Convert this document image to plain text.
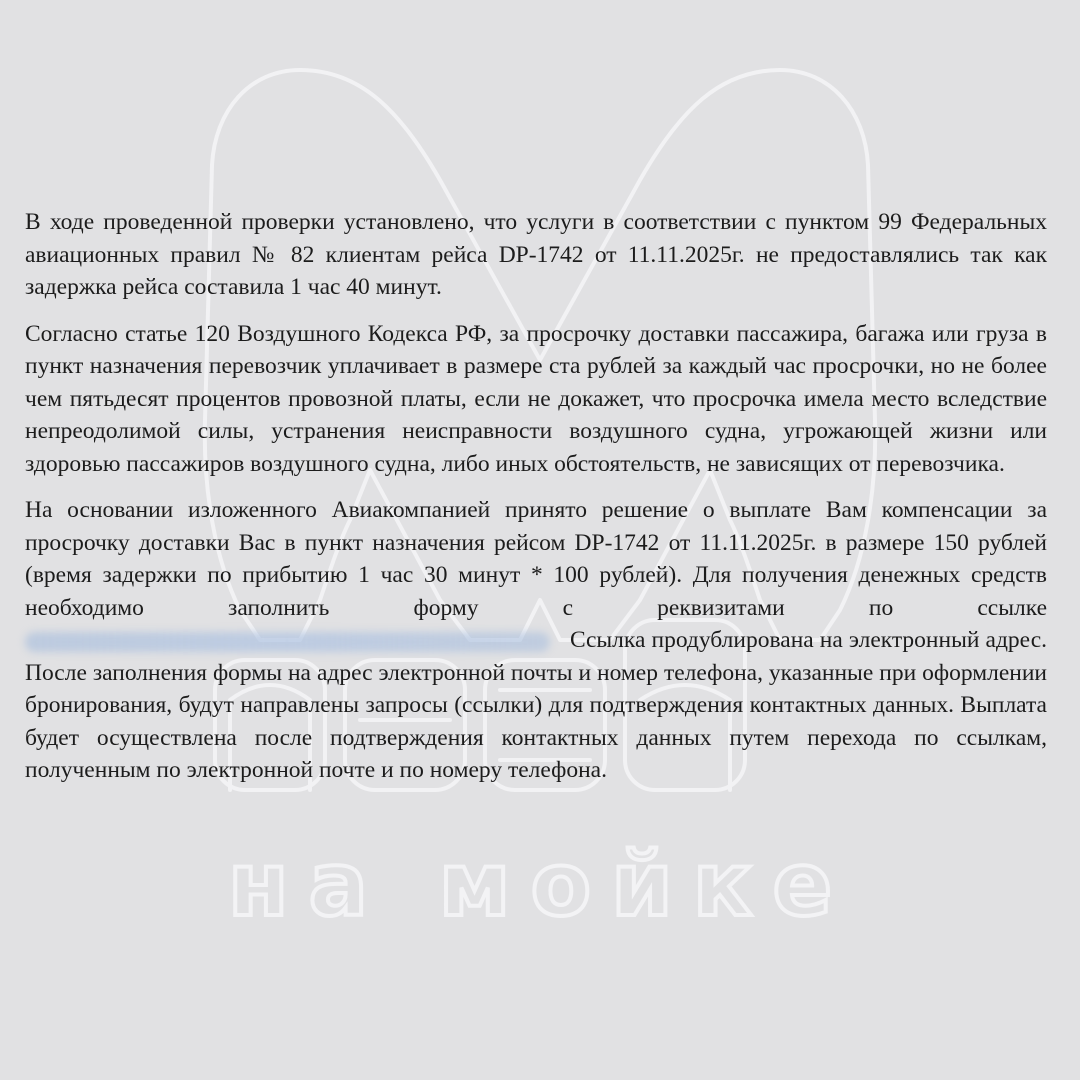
на мойке

В ходе проведенной проверки установлено, что услуги в соответствии с пунктом 99 Федеральных авиационных правил № 82 клиентам рейса DP-1742 от 11.11.2025г. не предоставлялись так как задержка рейса составила 1 час 40 минут.

Согласно статье 120 Воздушного Кодекса РФ, за просрочку доставки пассажира, багажа или груза в пункт назначения перевозчик уплачивает в размере ста рублей за каждый час просрочки, но не более чем пятьдесят процентов провозной платы, если не докажет, что просрочка имела место вследствие непреодолимой силы, устранения неисправности воздушного судна, угрожающей жизни или здоровью пассажиров воздушного судна, либо иных обстоятельств, не зависящих от перевозчика.

На основании изложенного Авиакомпанией принято решение о выплате Вам компенсации за просрочку доставки Вас в пункт назначения рейсом DP-1742 от 11.11.2025г. в размере 150 рублей (время задержки по прибытию 1 час 30 минут * 100 рублей). Для получения денежных средств необходимо заполнить форму с реквизитами по ссылке Ссылка продублирована на электронный адрес. После заполнения формы на адрес электронной почты и номер телефона, указанные при оформлении бронирования, будут направлены запросы (ссылки) для подтверждения контактных данных. Выплата будет осуществлена после подтверждения контактных данных путем перехода по ссылкам, полученным по электронной почте и по номеру телефона.
